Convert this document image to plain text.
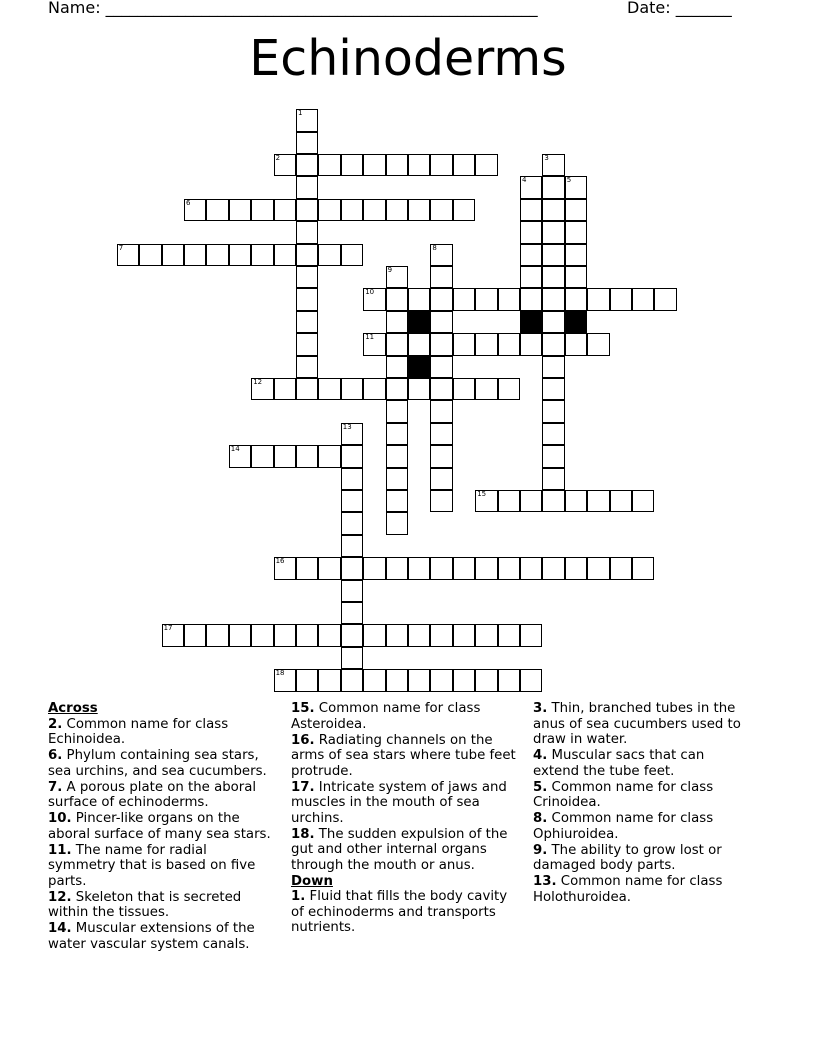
Name: ______________________________________________________	Date: _______
Echinoderms
1
2	3
4	5
6
7	8
9
10
11
12
13
14
15
16
17
18
Across
2. Common name for class Echinoidea.
6. Phylum containing sea stars, sea urchins, and sea cucumbers.
7. A porous plate on the aboral surface of echinoderms.
10. Pincer-like organs on the aboral surface of many sea stars.
11. The name for radial symmetry that is based on five parts.
12. Skeleton that is secreted within the tissues.
14. Muscular extensions of the water vascular system canals.
15. Common name for class Asteroidea.
16. Radiating channels on the arms of sea stars where tube feet protrude.
17. Intricate system of jaws and muscles in the mouth of sea urchins.
18. The sudden expulsion of the gut and other internal organs through the mouth or anus.
Down
1. Fluid that fills the body cavity of echinoderms and transports nutrients.
3. Thin, branched tubes in the anus of sea cucumbers used to draw in water.
4. Muscular sacs that can extend the tube feet.
5. Common name for class Crinoidea.
8. Common name for class Ophiuroidea.
9. The ability to grow lost or damaged body parts.
13. Common name for class Holothuroidea.
